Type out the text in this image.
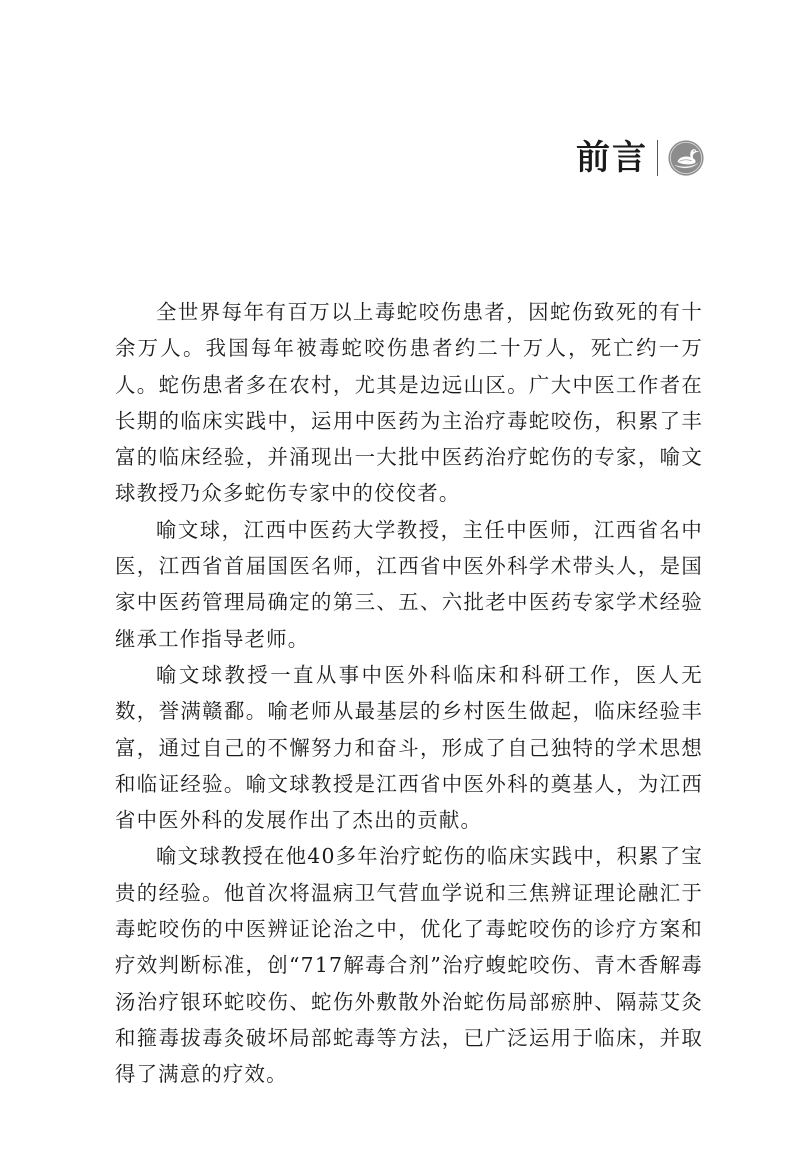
前言

全世界每年有百万以上毒蛇咬伤患者，因蛇伤致死的有十余万人。我国每年被毒蛇咬伤患者约二十万人，死亡约一万人。蛇伤患者多在农村，尤其是边远山区。广大中医工作者在长期的临床实践中，运用中医药为主治疗毒蛇咬伤，积累了丰富的临床经验，并涌现出一大批中医药治疗蛇伤的专家，喻文球教授乃众多蛇伤专家中的佼佼者。

喻文球，江西中医药大学教授，主任中医师，江西省名中医，江西省首届国医名师，江西省中医外科学术带头人，是国家中医药管理局确定的第三、五、六批老中医药专家学术经验继承工作指导老师。

喻文球教授一直从事中医外科临床和科研工作，医人无数，誉满赣鄱。喻老师从最基层的乡村医生做起，临床经验丰富，通过自己的不懈努力和奋斗，形成了自己独特的学术思想和临证经验。喻文球教授是江西省中医外科的奠基人，为江西省中医外科的发展作出了杰出的贡献。

喻文球教授在他40多年治疗蛇伤的临床实践中，积累了宝贵的经验。他首次将温病卫气营血学说和三焦辨证理论融汇于毒蛇咬伤的中医辨证论治之中，优化了毒蛇咬伤的诊疗方案和疗效判断标准，创“717解毒合剂”治疗蝮蛇咬伤、青木香解毒汤治疗银环蛇咬伤、蛇伤外敷散外治蛇伤局部瘀肿、隔蒜艾灸和箍毒拔毒灸破坏局部蛇毒等方法，已广泛运用于临床，并取得了满意的疗效。
